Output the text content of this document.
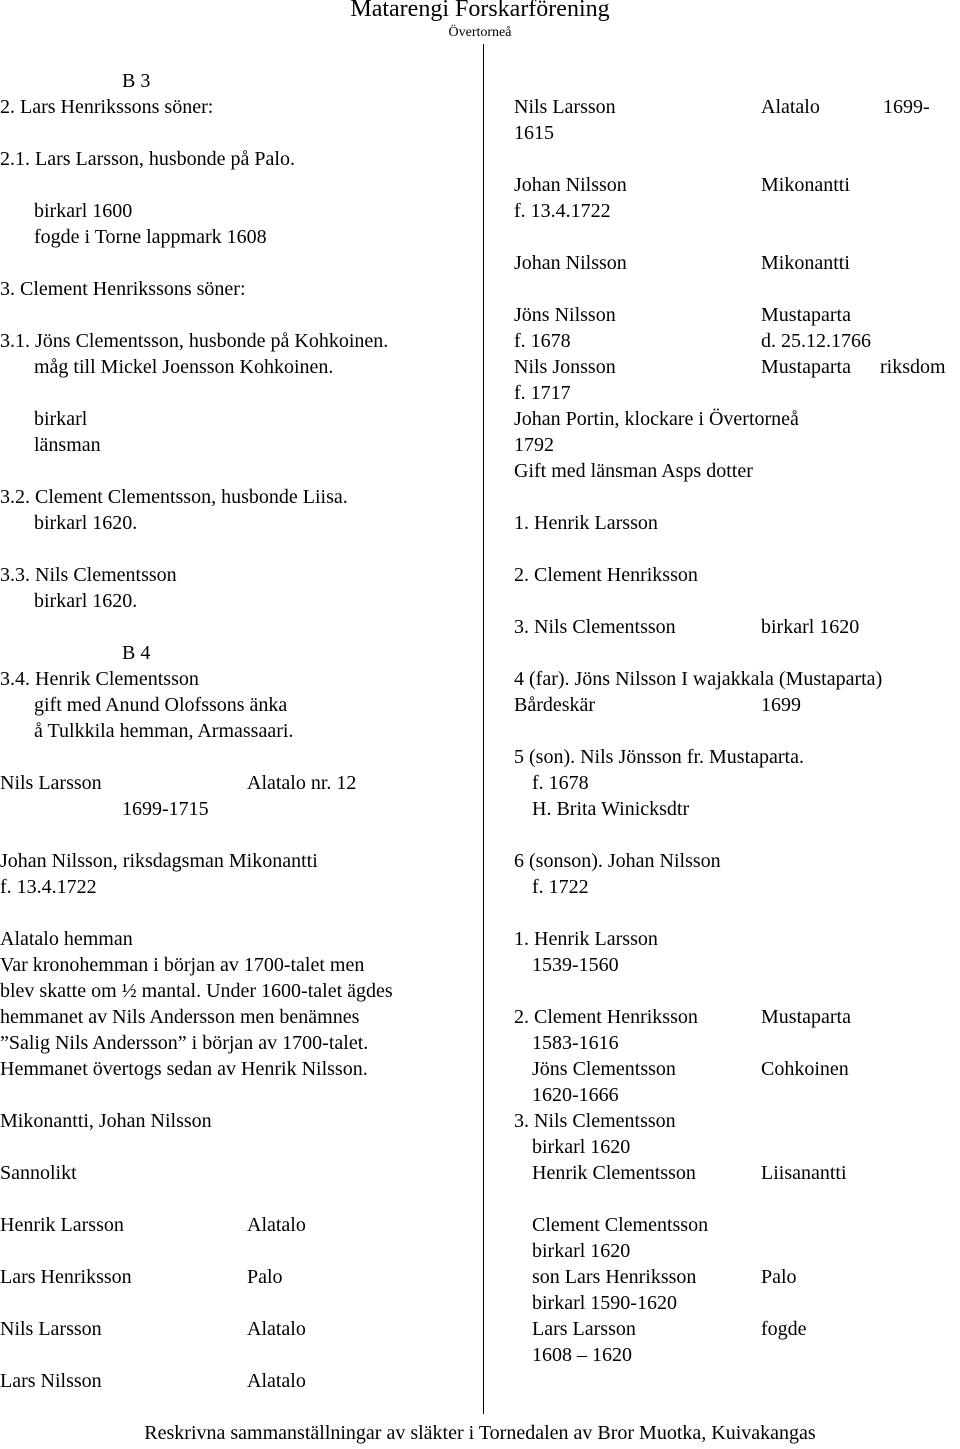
Matarengi Forskarförening
Övertorneå
B 3
2. Lars Henrikssons söner:
2.1. Lars Larsson, husbonde på Palo.
birkarl 1600
fogde i Torne lappmark 1608
3. Clement Henrikssons söner:
3.1. Jöns Clementsson, husbonde på Kohkoinen.
måg till Mickel Joensson Kohkoinen.
birkarl
länsman
3.2. Clement Clementsson, husbonde Liisa.
birkarl 1620.
3.3. Nils Clementsson
birkarl 1620.
B 4
3.4. Henrik Clementsson
gift med Anund Olofssons änka
å Tulkkila hemman, Armassaari.
Nils Larsson	Alatalo nr. 12
1699-1715
Johan Nilsson, riksdagsman Mikonantti
f. 13.4.1722
Alatalo hemman
Var kronohemman i början av 1700-talet men
blev skatte om ½ mantal. Under 1600-talet ägdes
hemmanet av Nils Andersson men benämnes
”Salig Nils Andersson” i början av 1700-talet.
Hemmanet övertogs sedan av Henrik Nilsson.
Mikonantti, Johan Nilsson
Sannolikt
Henrik Larsson	Alatalo
Lars Henriksson	Palo
Nils Larsson	Alatalo
Lars Nilsson	Alatalo
Nils Larsson	Alatalo	1699-
1615
Johan Nilsson	Mikonantti
f. 13.4.1722
Johan Nilsson	Mikonantti
Jöns Nilsson	Mustaparta
f. 1678	d. 25.12.1766
Nils Jonsson	Mustaparta riksdom
f. 1717
Johan Portin, klockare i Övertorneå
1792
Gift med länsman Asps dotter
1. Henrik Larsson
2. Clement Henriksson
3. Nils Clementsson	birkarl 1620
4 (far). Jöns Nilsson I wajakkala (Mustaparta)
Bårdeskär	1699
5 (son). Nils Jönsson fr. Mustaparta.
f. 1678
H. Brita Winicksdtr
6 (sonson). Johan Nilsson
f. 1722
1. Henrik Larsson
1539-1560
2. Clement Henriksson	Mustaparta
1583-1616
Jöns Clementsson	Cohkoinen
1620-1666
3. Nils Clementsson
birkarl 1620
Henrik Clementsson	Liisanantti
Clement Clementsson
birkarl 1620
son Lars Henriksson	Palo
birkarl 1590-1620
Lars Larsson	fogde
1608 – 1620
Reskrivna sammanställningar av släkter i Tornedalen av Bror Muotka, Kuivakangas
